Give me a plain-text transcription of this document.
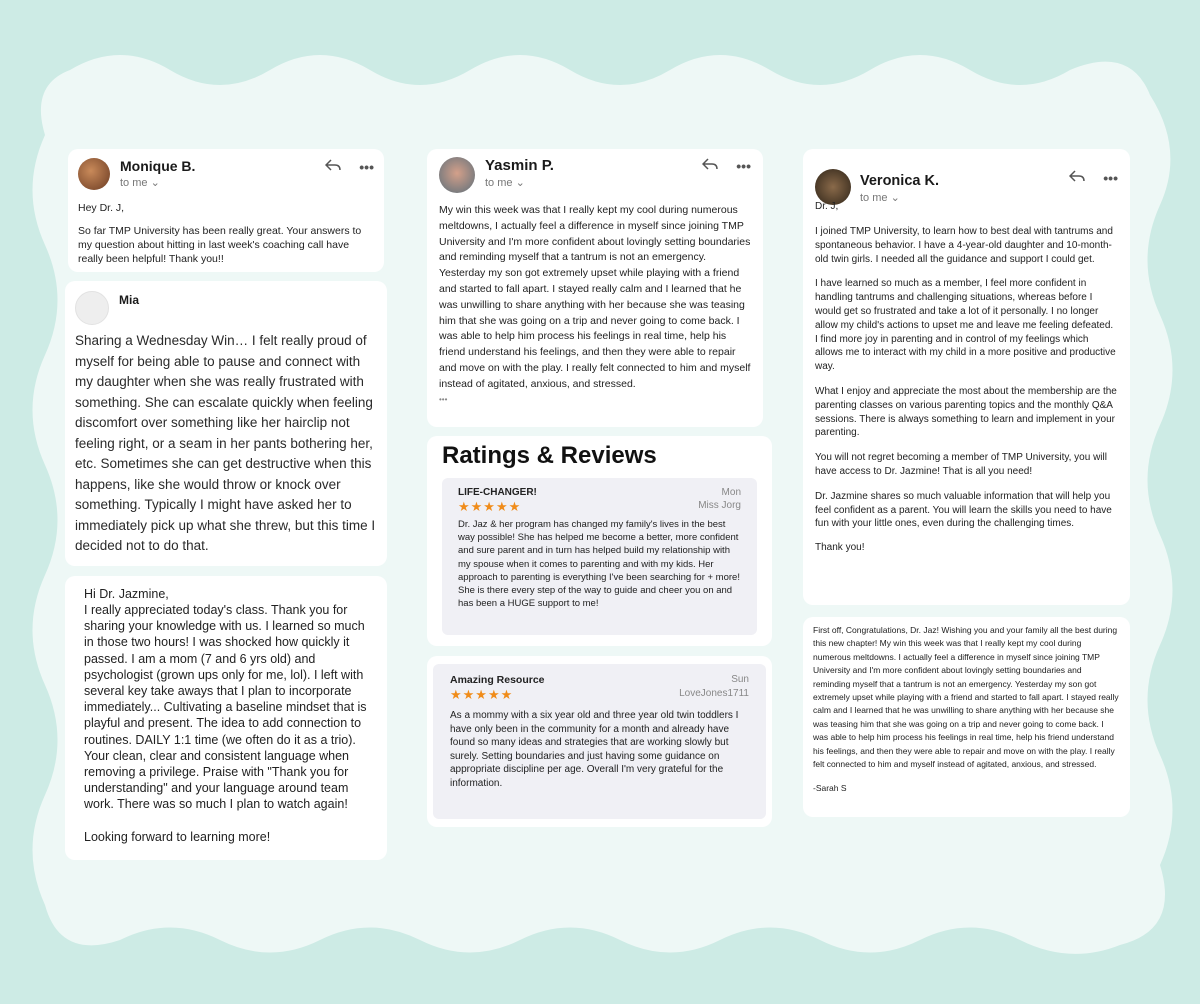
Monique B.
to me ⌄
•••

Hey Dr. J,

So far TMP University has been really great. Your answers to my question about hitting in last week's coaching call have really been helpful! Thank you!!

Mia

Sharing a Wednesday Win… I felt really proud of myself for being able to pause and connect with my daughter when she was really frustrated with something. She can escalate quickly when feeling discomfort over something like her hairclip not feeling right, or a seam in her pants bothering her, etc. Sometimes she can get destructive when this happens, like she would throw or knock over something. Typically I might have asked her to immediately pick up what she threw, but this time I decided not to do that.

Hi Dr. Jazmine,

I really appreciated today's class. Thank you for sharing your knowledge with us. I learned so much in those two hours! I was shocked how quickly it passed. I am a mom (7 and 6 yrs old) and psychologist (grown ups only for me, lol). I left with several key take aways that I plan to incorporate immediately... Cultivating a baseline mindset that is playful and present. The idea to add connection to routines. DAILY 1:1 time (we often do it as a trio). Your clean, clear and consistent language when removing a privilege. Praise with "Thank you for understanding" and your language around team work. There was so much I plan to watch again!

Looking forward to learning more!

Yasmin P.
to me ⌄
•••

My win this week was that I really kept my cool during numerous meltdowns, I actually feel a difference in myself since joining TMP University and I'm more confident about lovingly setting boundaries and reminding myself that a tantrum is not an emergency. Yesterday my son got extremely upset while playing with a friend and started to fall apart. I stayed really calm and I learned that he was unwilling to share anything with her because she was teasing him that she was going on a trip and never going to come back. I was able to help him process his feelings in real time, help his friend understand his feelings, and then they were able to repair and move on with the play. I really felt connected to him and myself instead of agitated, anxious, and stressed.

•••
Ratings & Reviews
LIFE-CHANGER!	Mon
★★★★★	Miss Jorg

Dr. Jaz & her program has changed my family's lives in the best way possible! She has helped me become a better, more confident and sure parent and in turn has helped build my relationship with my spouse when it comes to parenting and with my kids. Her approach to parenting is everything I've been searching for + more! She is there every step of the way to guide and cheer you on and has been a HUGE support to me!

Amazing Resource	Sun
★★★★★	LoveJones1711

As a mommy with a six year old and three year old twin toddlers I have only been in the community for a month and already have found so many ideas and strategies that are working slowly but surely. Setting boundaries and just having some guidance on appropriate discipline per age. Overall I'm very grateful for the information.

Veronica K.
to me ⌄
•••

Dr. J,

I joined TMP University, to learn how to best deal with tantrums and spontaneous behavior. I have a 4-year-old daughter and 10-month-old twin girls. I needed all the guidance and support I could get.

I have learned so much as a member, I feel more confident in handling tantrums and challenging situations, whereas before I would get so frustrated and take a lot of it personally. I no longer allow my child's actions to upset me and leave me feeling defeated. I find more joy in parenting and in control of my feelings which allows me to interact with my child in a more positive and productive way.

What I enjoy and appreciate the most about the membership are the parenting classes on various parenting topics and the monthly Q&A sessions. There is always something to learn and implement in your parenting.

You will not regret becoming a member of TMP University, you will have access to Dr. Jazmine! That is all you need!

Dr. Jazmine shares so much valuable information that will help you feel confident as a parent. You will learn the skills you need to have fun with your little ones, even during the challenging times.

Thank you!

First off, Congratulations, Dr. Jaz! Wishing you and your family all the best during this new chapter! My win this week was that I really kept my cool during numerous meltdowns. I actually feel a difference in myself since joining TMP University and I'm more confident about lovingly setting boundaries and reminding myself that a tantrum is not an emergency. Yesterday my son got extremely upset while playing with a friend and started to fall apart. I stayed really calm and I learned that he was unwilling to share anything with her because she was teasing him that she was going on a trip and never going to come back. I was able to help him process his feelings in real time, help his friend understand his feelings, and then they were able to repair and move on with the play. I really felt connected to him and myself instead of agitated, anxious, and stressed.

-Sarah S
